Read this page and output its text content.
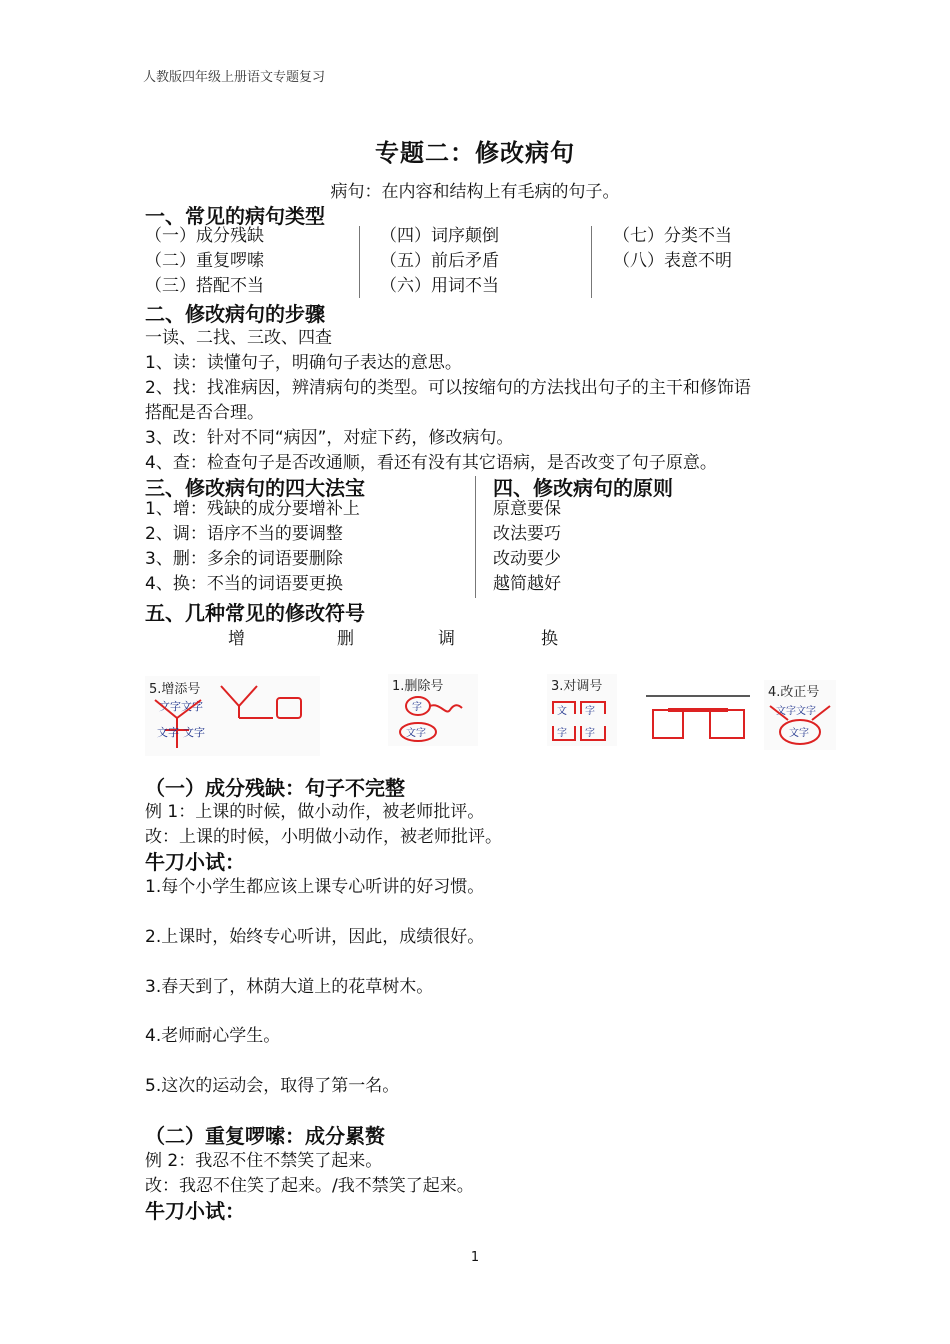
人教版四年级上册语文专题复习
专题二：修改病句
病句：在内容和结构上有毛病的句子。
一、常见的病句类型
（一）成分残缺
（二）重复啰嗦
（三）搭配不当
（四）词序颠倒
（五）前后矛盾
（六）用词不当
（七）分类不当
（八）表意不明
二、修改病句的步骤
一读、二找、三改、四查
1、读：读懂句子，明确句子表达的意思。
2、找：找准病因，辨清病句的类型。可以按缩句的方法找出句子的主干和修饰语
搭配是否合理。
3、改：针对不同“病因”，对症下药，修改病句。
4、查：检查句子是否改通顺，看还有没有其它语病，是否改变了句子原意。
三、修改病句的四大法宝
1、增：残缺的成分要增补上
2、调：语序不当的要调整
3、删：多余的词语要删除
4、换：不当的词语要更换
四、修改病句的原则
原意要保
改法要巧
改动要少
越简越好
五、几种常见的修改符号
增	删	调	换
5.增添号
文字文字
文字 文字
1.删除号
字
文字
3.对调号
文 字
字 字
4.改正号
文字文字
文字
（一）成分残缺：句子不完整
例 1：上课的时候，做小动作，被老师批评。
改：上课的时候，小明做小动作，被老师批评。
牛刀小试：
1.每个小学生都应该上课专心听讲的好习惯。
2.上课时，始终专心听讲，因此，成绩很好。
3.春天到了，林荫大道上的花草树木。
4.老师耐心学生。
5.这次的运动会，取得了第一名。
（二）重复啰嗦：成分累赘
例 2：我忍不住不禁笑了起来。
改：我忍不住笑了起来。/我不禁笑了起来。
牛刀小试：
1
